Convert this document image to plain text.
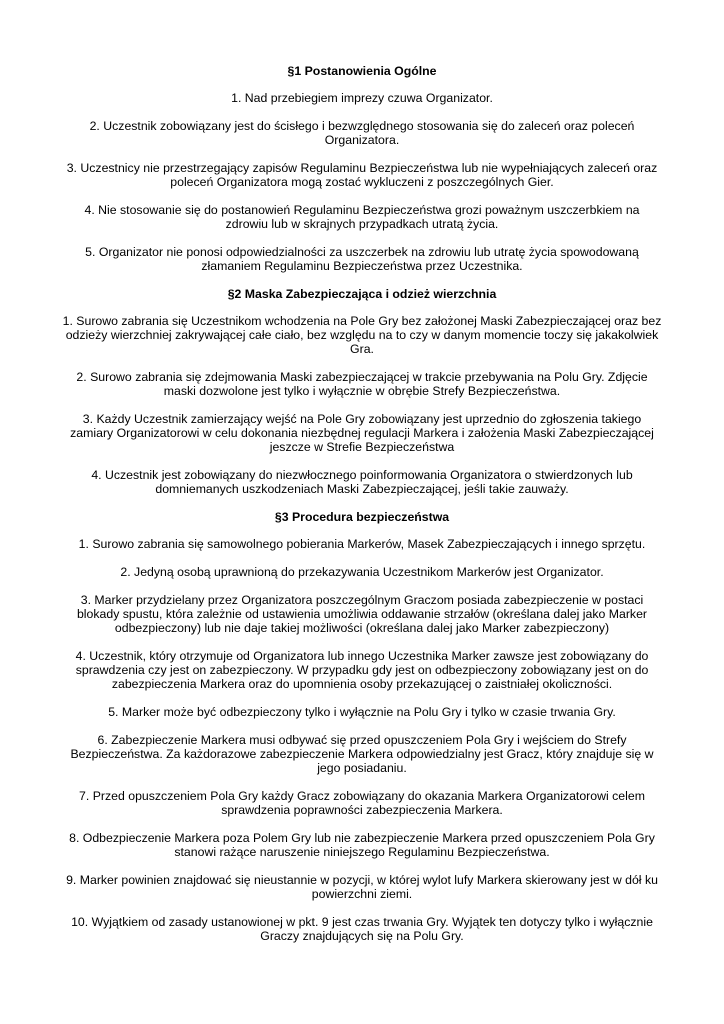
§1 Postanowienia Ogólne

1. Nad przebiegiem imprezy czuwa Organizator.

2. Uczestnik zobowiązany jest do ścisłego i bezwzględnego stosowania się do zaleceń oraz poleceń Organizatora.

3. Uczestnicy nie przestrzegający zapisów Regulaminu Bezpieczeństwa lub nie wypełniających zaleceń oraz poleceń Organizatora mogą zostać wykluczeni z poszczególnych Gier.

4. Nie stosowanie się do postanowień Regulaminu Bezpieczeństwa grozi poważnym uszczerbkiem na zdrowiu lub w skrajnych przypadkach utratą życia.

5. Organizator nie ponosi odpowiedzialności za uszczerbek na zdrowiu lub utratę życia spowodowaną złamaniem Regulaminu Bezpieczeństwa przez Uczestnika.

§2 Maska Zabezpieczająca i odzież wierzchnia

1. Surowo zabrania się Uczestnikom wchodzenia na Pole Gry bez założonej Maski Zabezpieczającej oraz bez odzieży wierzchniej zakrywającej całe ciało, bez względu na to czy w danym momencie toczy się jakakolwiek Gra.

2. Surowo zabrania się zdejmowania Maski zabezpieczającej w trakcie przebywania na Polu Gry. Zdjęcie maski dozwolone jest tylko i wyłącznie w obrębie Strefy Bezpieczeństwa.

3. Każdy Uczestnik zamierzający wejść na Pole Gry zobowiązany jest uprzednio do zgłoszenia takiego zamiary Organizatorowi w celu dokonania niezbędnej regulacji Markera i założenia Maski Zabezpieczającej jeszcze w Strefie Bezpieczeństwa

4. Uczestnik jest zobowiązany do niezwłocznego poinformowania Organizatora o stwierdzonych lub domniemanych uszkodzeniach Maski Zabezpieczającej, jeśli takie zauważy.

§3 Procedura bezpieczeństwa

1. Surowo zabrania się samowolnego pobierania Markerów, Masek Zabezpieczających i innego sprzętu.

2. Jedyną osobą uprawnioną do przekazywania Uczestnikom Markerów jest Organizator.

3. Marker przydzielany przez Organizatora poszczególnym Graczom posiada zabezpieczenie w postaci blokady spustu, która zależnie od ustawienia umożliwia oddawanie strzałów (określana dalej jako Marker odbezpieczony) lub nie daje takiej możliwości (określana dalej jako Marker zabezpieczony)

4. Uczestnik, który otrzymuje od Organizatora lub innego Uczestnika Marker zawsze jest zobowiązany do sprawdzenia czy jest on zabezpieczony. W przypadku gdy jest on odbezpieczony zobowiązany jest on do zabezpieczenia Markera oraz do upomnienia osoby przekazującej o zaistniałej okoliczności.

5. Marker może być odbezpieczony tylko i wyłącznie na Polu Gry i tylko w czasie trwania Gry.

6. Zabezpieczenie Markera musi odbywać się przed opuszczeniem Pola Gry i wejściem do Strefy Bezpieczeństwa. Za każdorazowe zabezpieczenie Markera odpowiedzialny jest Gracz, który znajduje się w jego posiadaniu.

7. Przed opuszczeniem Pola Gry każdy Gracz zobowiązany do okazania Markera Organizatorowi celem sprawdzenia poprawności zabezpieczenia Markera.

8. Odbezpieczenie Markera poza Polem Gry lub nie zabezpieczenie Markera przed opuszczeniem Pola Gry stanowi rażące naruszenie niniejszego Regulaminu Bezpieczeństwa.

9. Marker powinien znajdować się nieustannie w pozycji, w której wylot lufy Markera skierowany jest w dół ku powierzchni ziemi.

10. Wyjątkiem od zasady ustanowionej w pkt. 9 jest czas trwania Gry. Wyjątek ten dotyczy tylko i wyłącznie Graczy znajdujących się na Polu Gry.
